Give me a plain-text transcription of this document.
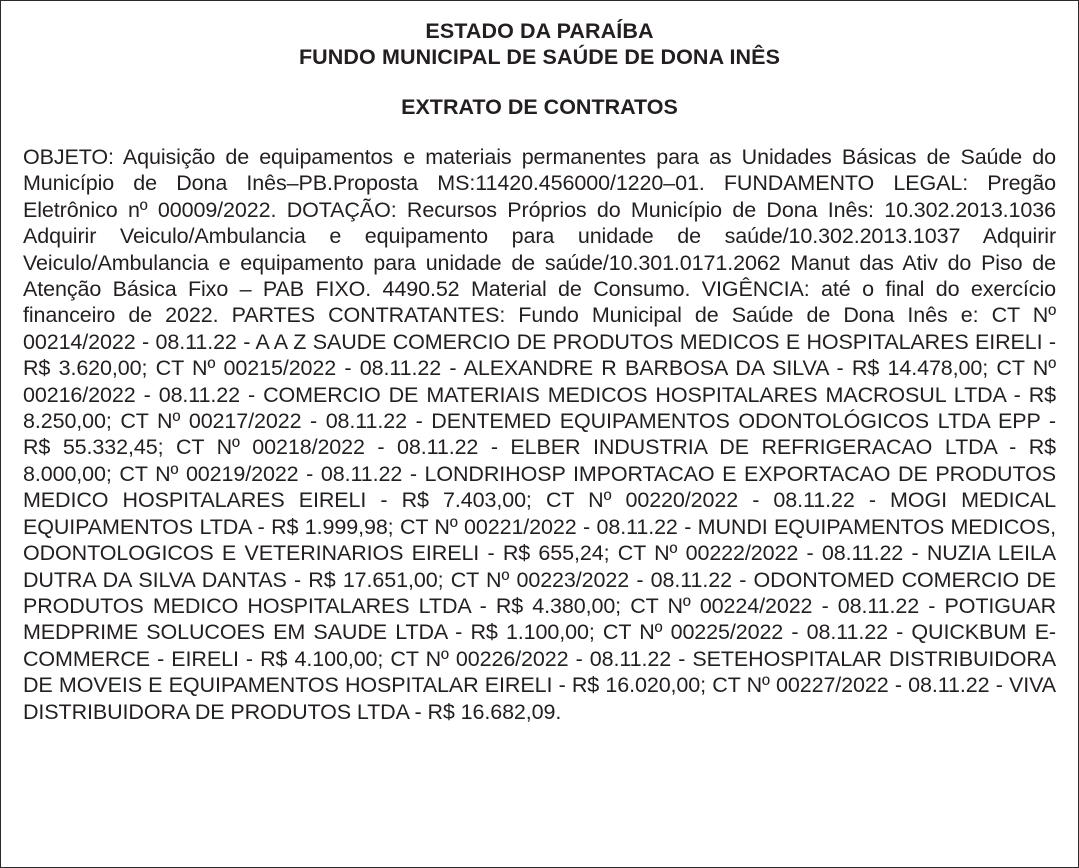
ESTADO DA PARAÍBA
FUNDO MUNICIPAL DE SAÚDE DE DONA INÊS
EXTRATO DE CONTRATOS
OBJETO: Aquisição de equipamentos e materiais permanentes para as Unidades Básicas de Saúde do Município de Dona Inês–PB.Proposta MS:11420.456000/1220–01. FUNDAMENTO LEGAL: Pregão Eletrônico nº 00009/2022. DOTAÇÃO: Recursos Próprios do Município de Dona Inês: 10.302.2013.1036 Adquirir Veiculo/Ambulancia e equipamento para unidade de saúde/10.302.2013.1037 Adquirir Veiculo/Ambulancia e equipamento para unidade de saúde/10.301.0171.2062 Manut das Ativ do Piso de Atenção Básica Fixo – PAB FIXO. 4490.52 Material de Consumo. VIGÊNCIA: até o final do exercício financeiro de 2022. PARTES CONTRATANTES: Fundo Municipal de Saúde de Dona Inês e: CT Nº 00214/2022 - 08.11.22 - A A Z SAUDE COMERCIO DE PRODUTOS MEDICOS E HOSPITALARES EIRELI - R$ 3.620,00; CT Nº 00215/2022 - 08.11.22 - ALEXANDRE R BARBOSA DA SILVA - R$ 14.478,00; CT Nº 00216/2022 - 08.11.22 - COMERCIO DE MATERIAIS MEDICOS HOSPITALARES MACROSUL LTDA - R$ 8.250,00; CT Nº 00217/2022 - 08.11.22 - DENTEMED EQUIPAMENTOS ODONTOLÓGICOS LTDA EPP - R$ 55.332,45; CT Nº 00218/2022 - 08.11.22 - ELBER INDUSTRIA DE REFRIGERACAO LTDA - R$ 8.000,00; CT Nº 00219/2022 - 08.11.22 - LONDRIHOSP IMPORTACAO E EXPORTACAO DE PRODUTOS MEDICO HOSPITALARES EIRELI - R$ 7.403,00; CT Nº 00220/2022 - 08.11.22 - MOGI MEDICAL EQUIPAMENTOS LTDA - R$ 1.999,98; CT Nº 00221/2022 - 08.11.22 - MUNDI EQUIPAMENTOS MEDICOS, ODONTOLOGICOS E VETERINARIOS EIRELI - R$ 655,24; CT Nº 00222/2022 - 08.11.22 - NUZIA LEILA DUTRA DA SILVA DANTAS - R$ 17.651,00; CT Nº 00223/2022 - 08.11.22 - ODONTOMED COMERCIO DE PRODUTOS MEDICO HOSPITALARES LTDA - R$ 4.380,00; CT Nº 00224/2022 - 08.11.22 - POTIGUAR MEDPRIME SOLUCOES EM SAUDE LTDA - R$ 1.100,00; CT Nº 00225/2022 - 08.11.22 - QUICKBUM E-COMMERCE - EIRELI - R$ 4.100,00; CT Nº 00226/2022 - 08.11.22 - SETEHOSPITALAR DISTRIBUIDORA DE MOVEIS E EQUIPAMENTOS HOSPITALAR EIRELI - R$ 16.020,00; CT Nº 00227/2022 - 08.11.22 - VIVA DISTRIBUIDORA DE PRODUTOS LTDA - R$ 16.682,09.
